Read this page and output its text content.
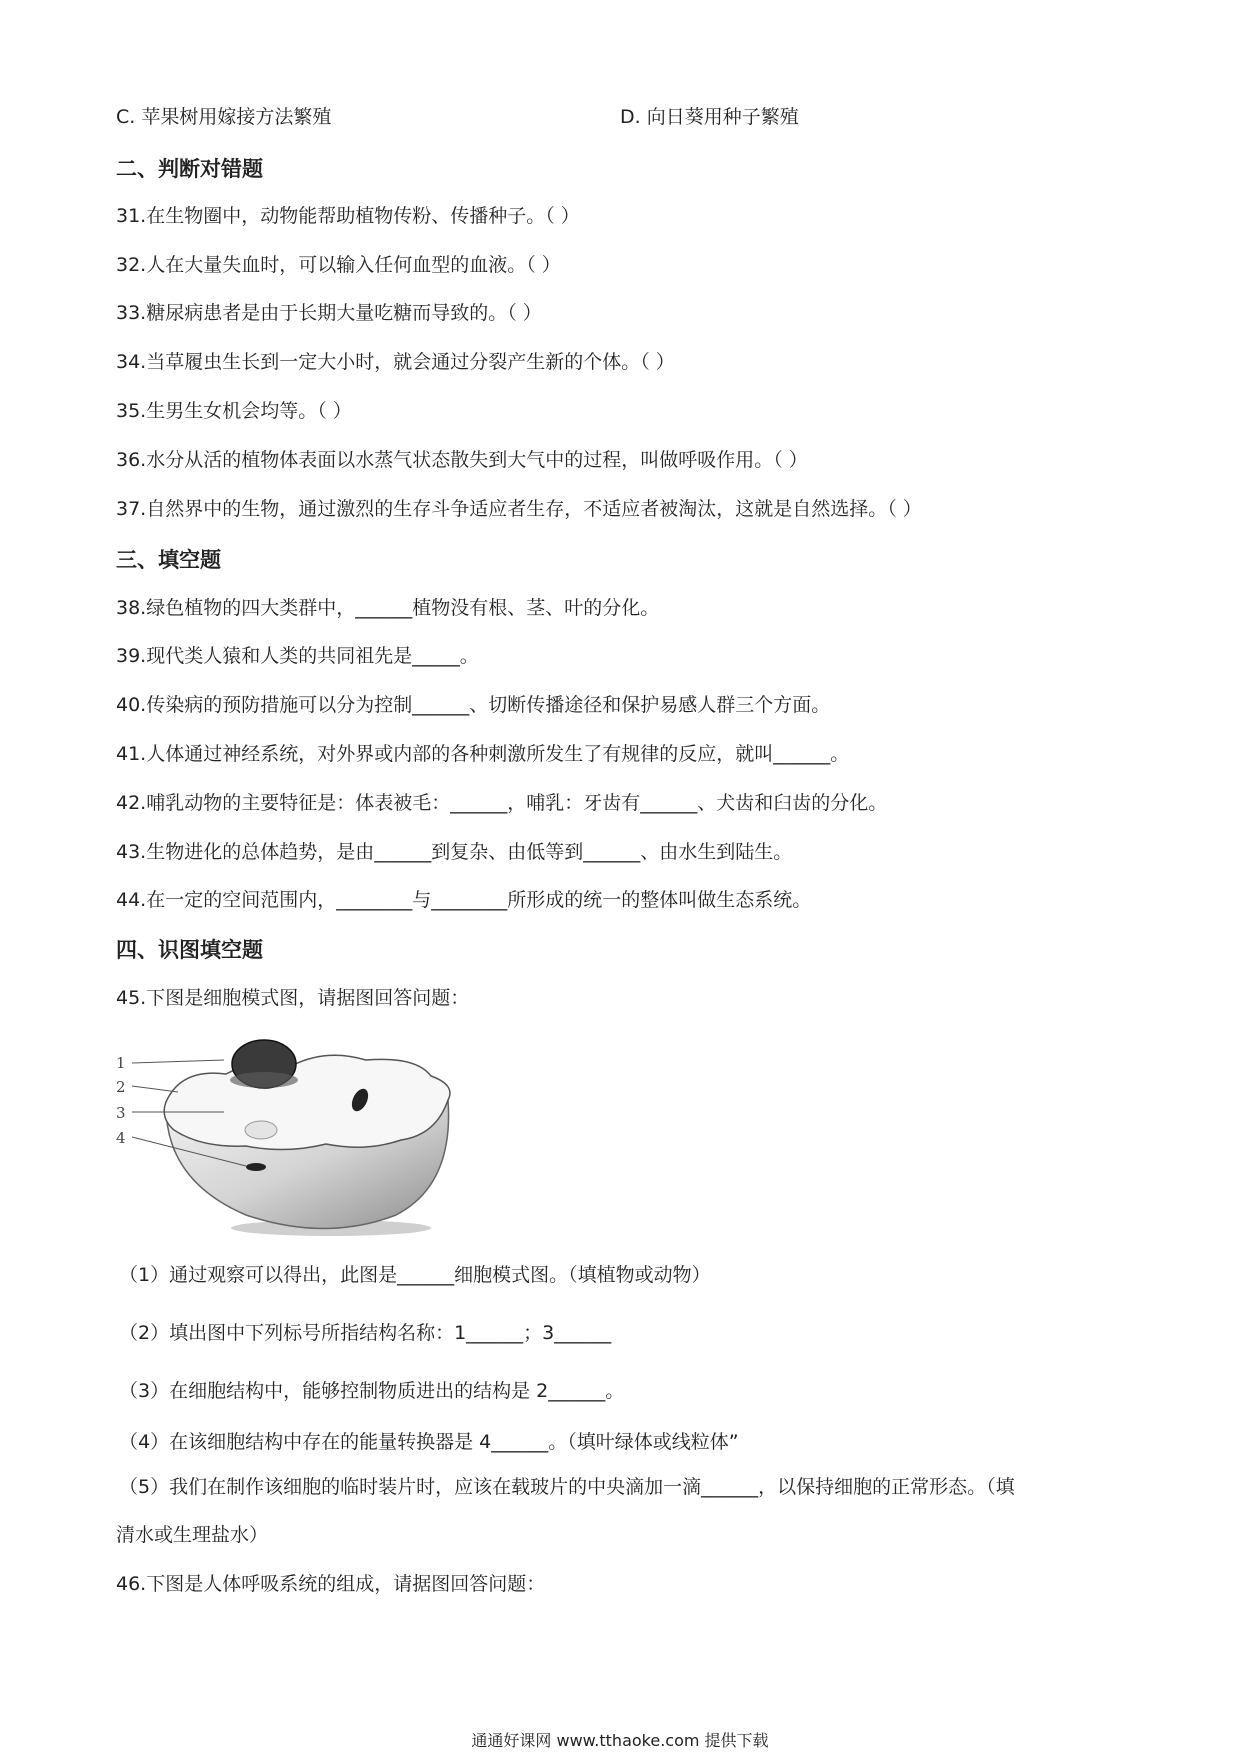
C. 苹果树用嫁接方法繁殖	D. 向日葵用种子繁殖
二、判断对错题
31.在生物圈中，动物能帮助植物传粉、传播种子。（ ）
32.人在大量失血时，可以输入任何血型的血液。（ ）
33.糖尿病患者是由于长期大量吃糖而导致的。（ ）
34.当草履虫生长到一定大小时，就会通过分裂产生新的个体。（ ）
35.生男生女机会均等。（ ）
36.水分从活的植物体表面以水蒸气状态散失到大气中的过程，叫做呼吸作用。（ ）
37.自然界中的生物，通过激烈的生存斗争适应者生存，不适应者被淘汰，这就是自然选择。（ ）
三、填空题
38.绿色植物的四大类群中，______植物没有根、茎、叶的分化。
39.现代类人猿和人类的共同祖先是_____。
40.传染病的预防措施可以分为控制______、切断传播途径和保护易感人群三个方面。
41.人体通过神经系统，对外界或内部的各种刺激所发生了有规律的反应，就叫______。
42.哺乳动物的主要特征是：体表被毛：______，哺乳：牙齿有______、犬齿和臼齿的分化。
43.生物进化的总体趋势，是由______到复杂、由低等到______、由水生到陆生。
44.在一定的空间范围内，________与________所形成的统一的整体叫做生态系统。
四、识图填空题
45.下图是细胞模式图，请据图回答问题：
1
2
3
4
（1）通过观察可以得出，此图是______细胞模式图。（填植物或动物）
（2）填出图中下列标号所指结构名称：1______；3______
（3）在细胞结构中，能够控制物质进出的结构是 2______。
（4）在该细胞结构中存在的能量转换器是 4______。（填叶绿体或线粒体”
（5）我们在制作该细胞的临时装片时，应该在载玻片的中央滴加一滴______，以保持细胞的正常形态。（填
清水或生理盐水）
46.下图是人体呼吸系统的组成，请据图回答问题：
通通好课网 www.tthaoke.com 提供下载
